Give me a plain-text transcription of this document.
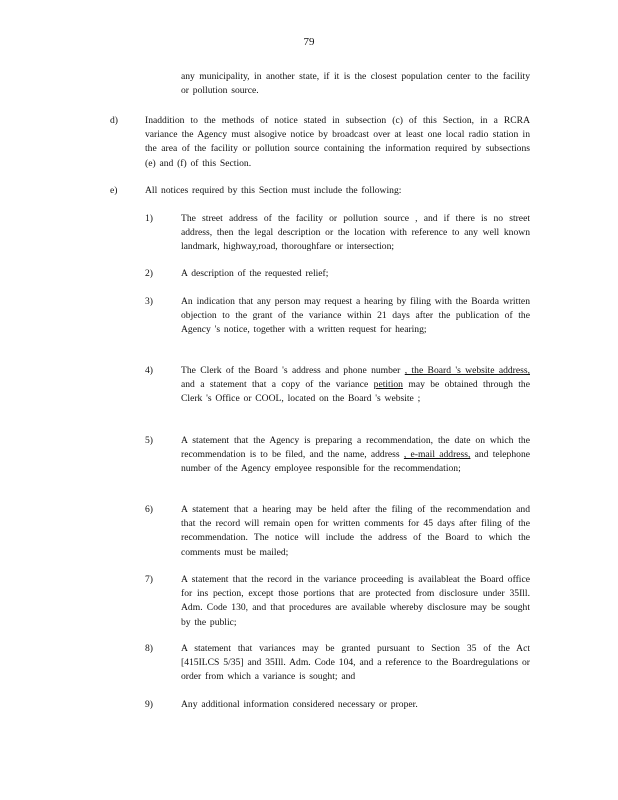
79
any municipality, in another state, if it is the closest population center to the facility or pollution source.
d)	Inaddition to the methods of notice stated in subsection (c) of this Section, in a RCRA variance the Agency must alsogive notice by broadcast over at least one local radio station in the area of the facility or pollution source containing the information required by subsections (e) and (f) of this Section.
e)	All notices required by this Section must include the following:
1)	The street address of the facility or pollution source , and if there is no street address, then the legal description or the location with reference to any well known landmark, highway,road, thoroughfare or intersection;
2)	A description of the requested relief;
3)	An indication that any person may request a hearing by filing with the Boarda written objection to the grant of the variance within 21 days after the publication of the Agency 's notice, together with a written request for hearing;
4)	The Clerk of the Board 's address and phone number , the Board 's website address, and a statement that a copy of the variance petition may be obtained through the Clerk 's Office or COOL, located on the Board 's website ;
5)	A statement that the Agency is preparing a recommendation, the date on which the recommendation is to be filed, and the name, address , e-mail address, and telephone number of the Agency employee responsible for the recommendation;
6)	A statement that a hearing may be held after the filing of the recommendation and that the record will remain open for written comments for 45 days after filing of the recommendation. The notice will include the address of the Board to which the comments must be mailed;
7)	A statement that the record in the variance proceeding is availableat the Board office for ins pection, except those portions that are protected from disclosure under 35Ill. Adm. Code 130, and that procedures are available whereby disclosure may be sought by the public;
8)	A statement that variances may be granted pursuant to Section 35 of the Act [415ILCS 5/35] and 35Ill. Adm. Code 104, and a reference to the Boardregulations or order from which a variance is sought; and
9)	Any additional information considered necessary or proper.
